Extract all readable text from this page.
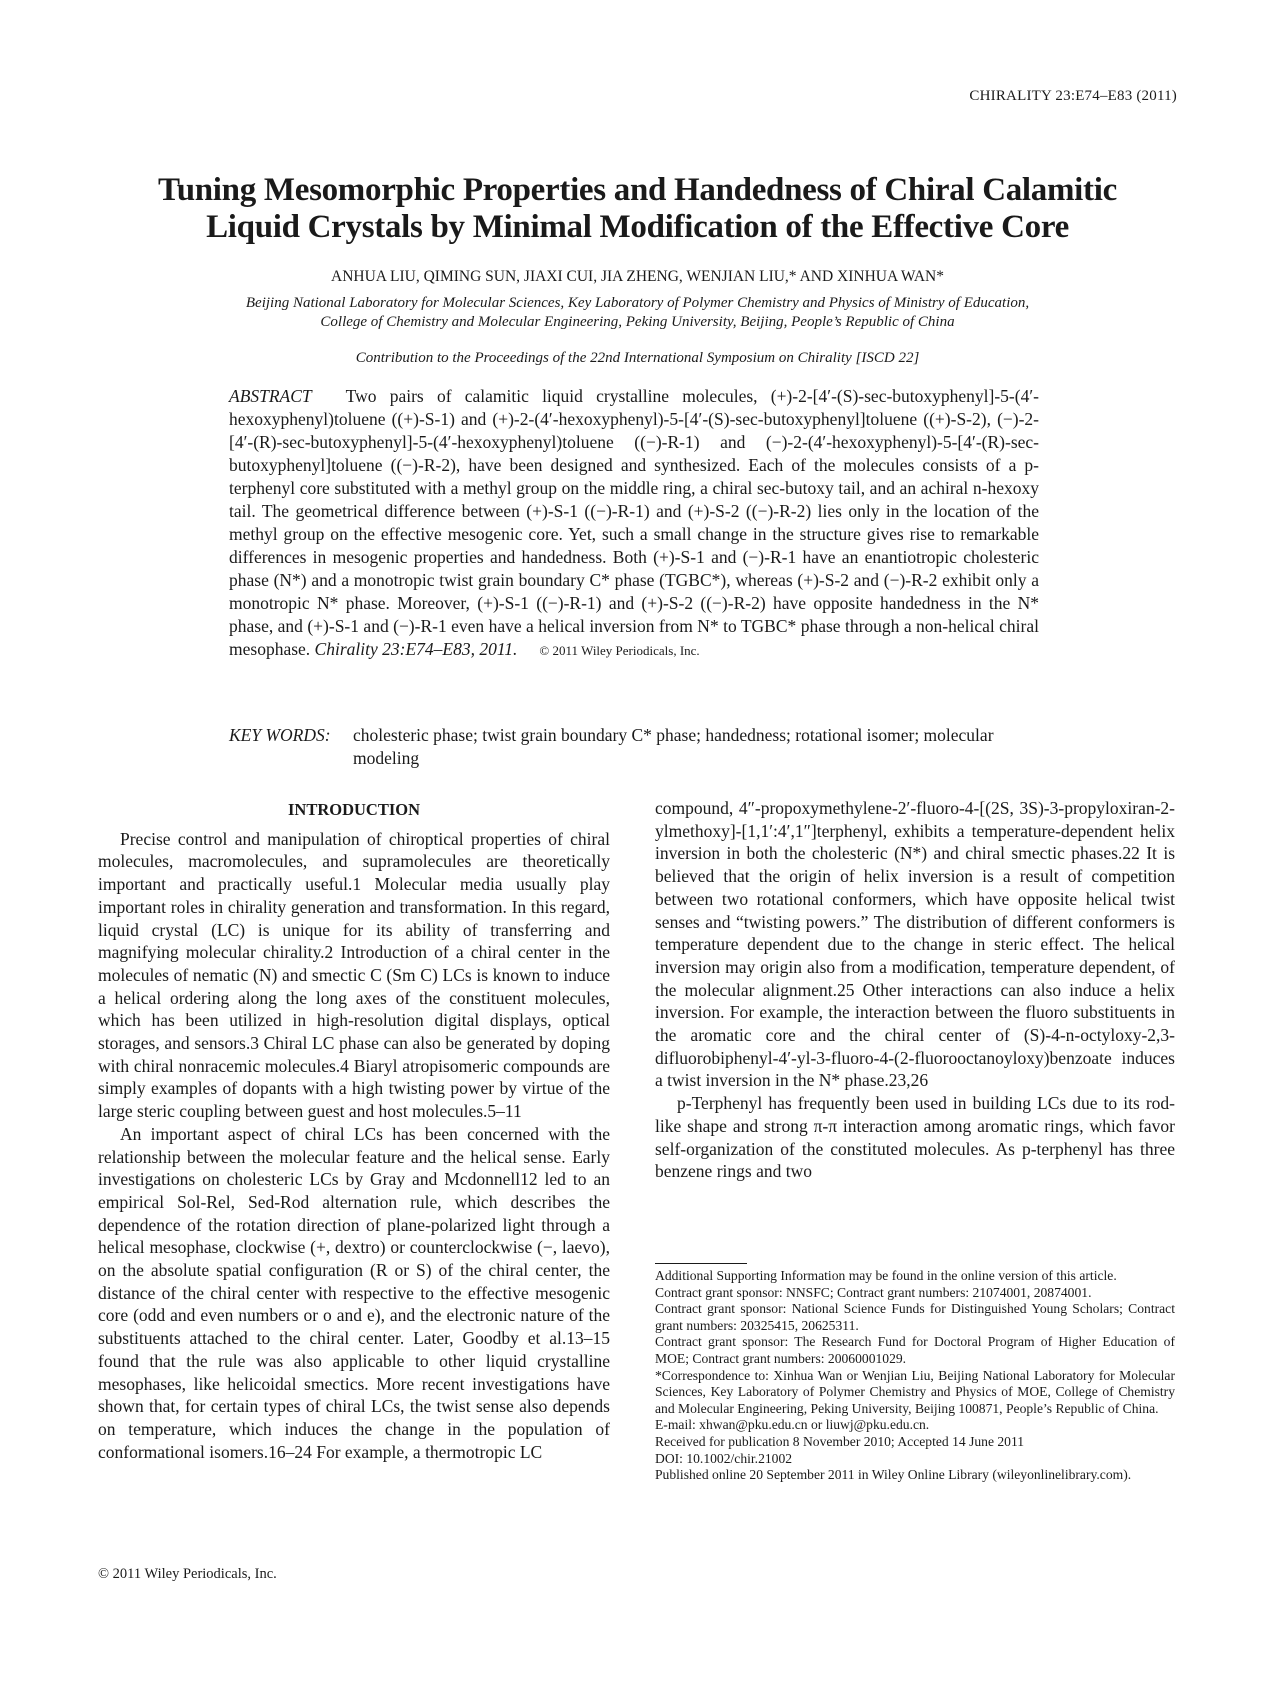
CHIRALITY 23:E74–E83 (2011)
Tuning Mesomorphic Properties and Handedness of Chiral Calamitic
Liquid Crystals by Minimal Modification of the Effective Core
ANHUA LIU, QIMING SUN, JIAXI CUI, JIA ZHENG, WENJIAN LIU,* AND XINHUA WAN*
Beijing National Laboratory for Molecular Sciences, Key Laboratory of Polymer Chemistry and Physics of Ministry of Education,
College of Chemistry and Molecular Engineering, Peking University, Beijing, People’s Republic of China
Contribution to the Proceedings of the 22nd International Symposium on Chirality [ISCD 22]
ABSTRACT Two pairs of calamitic liquid crystalline molecules, (+)-2-[4′-(S)-sec-butoxyphenyl]-5-(4′-hexoxyphenyl)toluene ((+)-S-1) and (+)-2-(4′-hexoxyphenyl)-5-[4′-(S)-sec-butoxyphenyl]toluene ((+)-S-2), (−)-2-[4′-(R)-sec-butoxyphenyl]-5-(4′-hexoxyphenyl)toluene ((−)-R-1) and (−)-2-(4′-hexoxyphenyl)-5-[4′-(R)-sec-butoxyphenyl]toluene ((−)-R-2), have been designed and synthesized. Each of the molecules consists of a p-terphenyl core substituted with a methyl group on the middle ring, a chiral sec-butoxy tail, and an achiral n-hexoxy tail. The geometrical difference between (+)-S-1 ((−)-R-1) and (+)-S-2 ((−)-R-2) lies only in the location of the methyl group on the effective mesogenic core. Yet, such a small change in the structure gives rise to remarkable differences in mesogenic properties and handedness. Both (+)-S-1 and (−)-R-1 have an enantiotropic cholesteric phase (N*) and a monotropic twist grain boundary C* phase (TGBC*), whereas (+)-S-2 and (−)-R-2 exhibit only a monotropic N* phase. Moreover, (+)-S-1 ((−)-R-1) and (+)-S-2 ((−)-R-2) have opposite handedness in the N* phase, and (+)-S-1 and (−)-R-1 even have a helical inversion from N* to TGBC* phase through a non-helical chiral mesophase. Chirality 23:E74–E83, 2011. © 2011 Wiley Periodicals, Inc.
KEY WORDS:	cholesteric phase; twist grain boundary C* phase; handedness; rotational isomer; molecular modeling
INTRODUCTION

Precise control and manipulation of chiroptical properties of chiral molecules, macromolecules, and supramolecules are theoretically important and practically useful.1 Molecular media usually play important roles in chirality generation and transformation. In this regard, liquid crystal (LC) is unique for its ability of transferring and magnifying molecular chirality.2 Introduction of a chiral center in the molecules of nematic (N) and smectic C (Sm C) LCs is known to induce a helical ordering along the long axes of the constituent molecules, which has been utilized in high-resolution digital displays, optical storages, and sensors.3 Chiral LC phase can also be generated by doping with chiral nonracemic molecules.4 Biaryl atropisomeric compounds are simply examples of dopants with a high twisting power by virtue of the large steric coupling between guest and host molecules.5–11

An important aspect of chiral LCs has been concerned with the relationship between the molecular feature and the helical sense. Early investigations on cholesteric LCs by Gray and Mcdonnell12 led to an empirical Sol-Rel, Sed-Rod alternation rule, which describes the dependence of the rotation direction of plane-polarized light through a helical mesophase, clockwise (+, dextro) or counterclockwise (−, laevo), on the absolute spatial configuration (R or S) of the chiral center, the distance of the chiral center with respective to the effective mesogenic core (odd and even numbers or o and e), and the electronic nature of the substituents attached to the chiral center. Later, Goodby et al.13–15 found that the rule was also applicable to other liquid crystalline mesophases, like helicoidal smectics. More recent investigations have shown that, for certain types of chiral LCs, the twist sense also depends on temperature, which induces the change in the population of conformational isomers.16–24 For example, a thermotropic LC

compound, 4″-propoxymethylene-2′-fluoro-4-[(2S, 3S)-3-propyloxiran-2-ylmethoxy]-[1,1′:4′,1″]terphenyl, exhibits a temperature-dependent helix inversion in both the cholesteric (N*) and chiral smectic phases.22 It is believed that the origin of helix inversion is a result of competition between two rotational conformers, which have opposite helical twist senses and “twisting powers.” The distribution of different conformers is temperature dependent due to the change in steric effect. The helical inversion may origin also from a modification, temperature dependent, of the molecular alignment.25 Other interactions can also induce a helix inversion. For example, the interaction between the fluoro substituents in the aromatic core and the chiral center of (S)-4-n-octyloxy-2,3-difluorobiphenyl-4′-yl-3-fluoro-4-(2-fluorooctanoyloxy)benzoate induces a twist inversion in the N* phase.23,26

p-Terphenyl has frequently been used in building LCs due to its rod-like shape and strong π-π interaction among aromatic rings, which favor self-organization of the constituted molecules. As p-terphenyl has three benzene rings and two

Additional Supporting Information may be found in the online version of this article.

Contract grant sponsor: NNSFC; Contract grant numbers: 21074001, 20874001.

Contract grant sponsor: National Science Funds for Distinguished Young Scholars; Contract grant numbers: 20325415, 20625311.

Contract grant sponsor: The Research Fund for Doctoral Program of Higher Education of MOE; Contract grant numbers: 20060001029.

*Correspondence to: Xinhua Wan or Wenjian Liu, Beijing National Laboratory for Molecular Sciences, Key Laboratory of Polymer Chemistry and Physics of MOE, College of Chemistry and Molecular Engineering, Peking University, Beijing 100871, People’s Republic of China.

E-mail: xhwan@pku.edu.cn or liuwj@pku.edu.cn.

Received for publication 8 November 2010; Accepted 14 June 2011

DOI: 10.1002/chir.21002

Published online 20 September 2011 in Wiley Online Library (wileyonlinelibrary.com).

© 2011 Wiley Periodicals, Inc.
